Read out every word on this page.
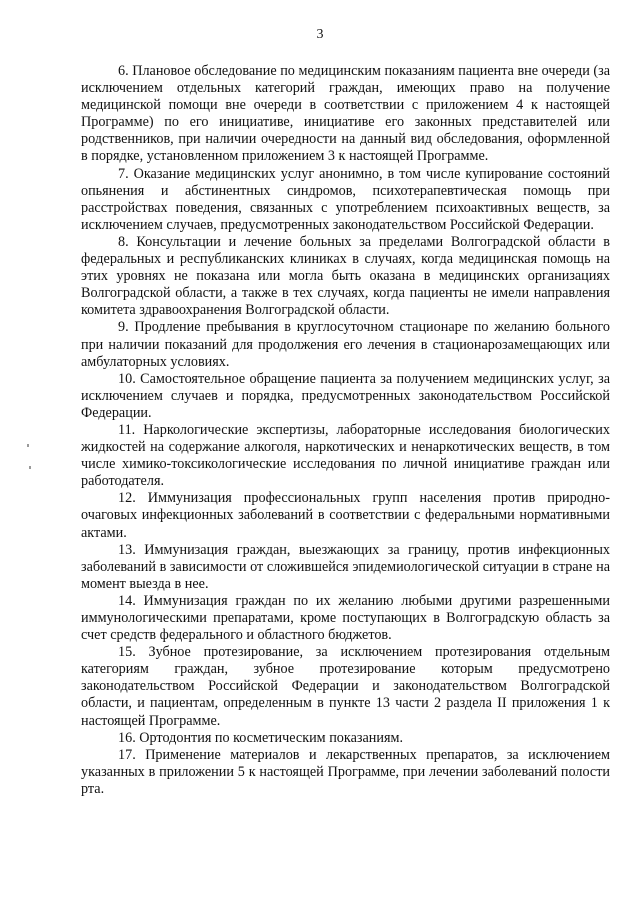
3

6. Плановое обследование по медицинским показаниям пациента вне очереди (за исключением отдельных категорий граждан, имеющих право на получение медицинской помощи вне очереди в соответствии с приложением 4 к настоящей Программе) по его инициативе, инициативе его законных представителей или родственников, при наличии очередности на данный вид обследования, оформленной в порядке, установленном приложением 3 к настоящей Программе.

7. Оказание медицинских услуг анонимно, в том числе купирование состояний опьянения и абстинентных синдромов, психотерапевтическая помощь при расстройствах поведения, связанных с употреблением психоактивных веществ, за исключением случаев, предусмотренных законодательством Российской Федерации.

8. Консультации и лечение больных за пределами Волгоградской области в федеральных и республиканских клиниках в случаях, когда медицинская помощь на этих уровнях не показана или могла быть оказана в медицинских организациях Волгоградской области, а также в тех случаях, когда пациенты не имели направления комитета здравоохранения Волгоградской области.

9. Продление пребывания в круглосуточном стационаре по желанию больного при наличии показаний для продолжения его лечения в стационарозамещающих или амбулаторных условиях.

10. Самостоятельное обращение пациента за получением медицинских услуг, за исключением случаев и порядка, предусмотренных законодательством Российской Федерации.

11. Наркологические экспертизы, лабораторные исследования биологических жидкостей на содержание алкоголя, наркотических и ненаркотических веществ, в том числе химико-токсикологические исследования по личной инициативе граждан или работодателя.

12. Иммунизация профессиональных групп населения против природно-очаговых инфекционных заболеваний в соответствии с федеральными нормативными актами.

13. Иммунизация граждан, выезжающих за границу, против инфекционных заболеваний в зависимости от сложившейся эпидемиологической ситуации в стране на момент выезда в нее.

14. Иммунизация граждан по их желанию любыми другими разрешенными иммунологическими препаратами, кроме поступающих в Волгоградскую область за счет средств федерального и областного бюджетов.

15. Зубное протезирование, за исключением протезирования отдельным категориям граждан, зубное протезирование которым предусмотрено законодательством Российской Федерации и законодательством Волгоградской области, и пациентам, определенным в пункте 13 части 2 раздела II приложения 1 к настоящей Программе.

16. Ортодонтия по косметическим показаниям.

17. Применение материалов и лекарственных препаратов, за исключением указанных в приложении 5 к настоящей Программе, при лечении заболеваний полости рта.
